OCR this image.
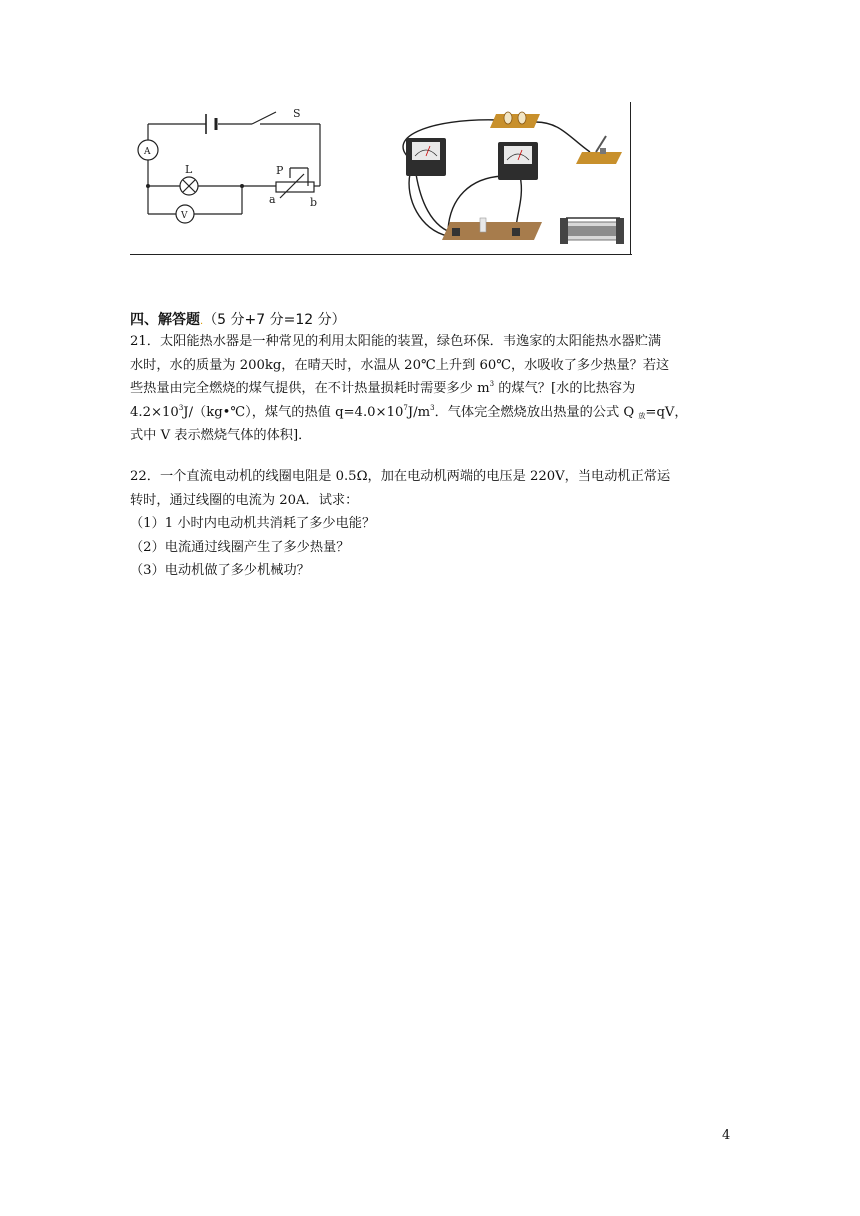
S
A
L
V
P
a	b
四、解答题.（5 分+7 分=12 分）
21．太阳能热水器是一种常见的利用太阳能的装置，绿色环保．韦逸家的太阳能热水器贮满
水时，水的质量为 200kg，在晴天时，水温从 20℃上升到 60℃，水吸收了多少热量？若这
些热量由完全燃烧的煤气提供，在不计热量损耗时需要多少 $m^3$ 的煤气？[水的比热容为
$4.2\times 10^3J/(kg•℃)$，煤气的热值 $q=4.0\times 10^7J/m^3$．气体完全燃烧放出热量的公式 Q $_放$=qV，
式中 V 表示燃烧气体的体积]．
22．一个直流电动机的线圈电阻是 0.5Ω，加在电动机两端的电压是 220V，当电动机正常运
转时，通过线圈的电流为 20A．试求：
（1）1 小时内电动机共消耗了多少电能？
（2）电流通过线圈产生了多少热量？
（3）电动机做了多少机械功？
4
